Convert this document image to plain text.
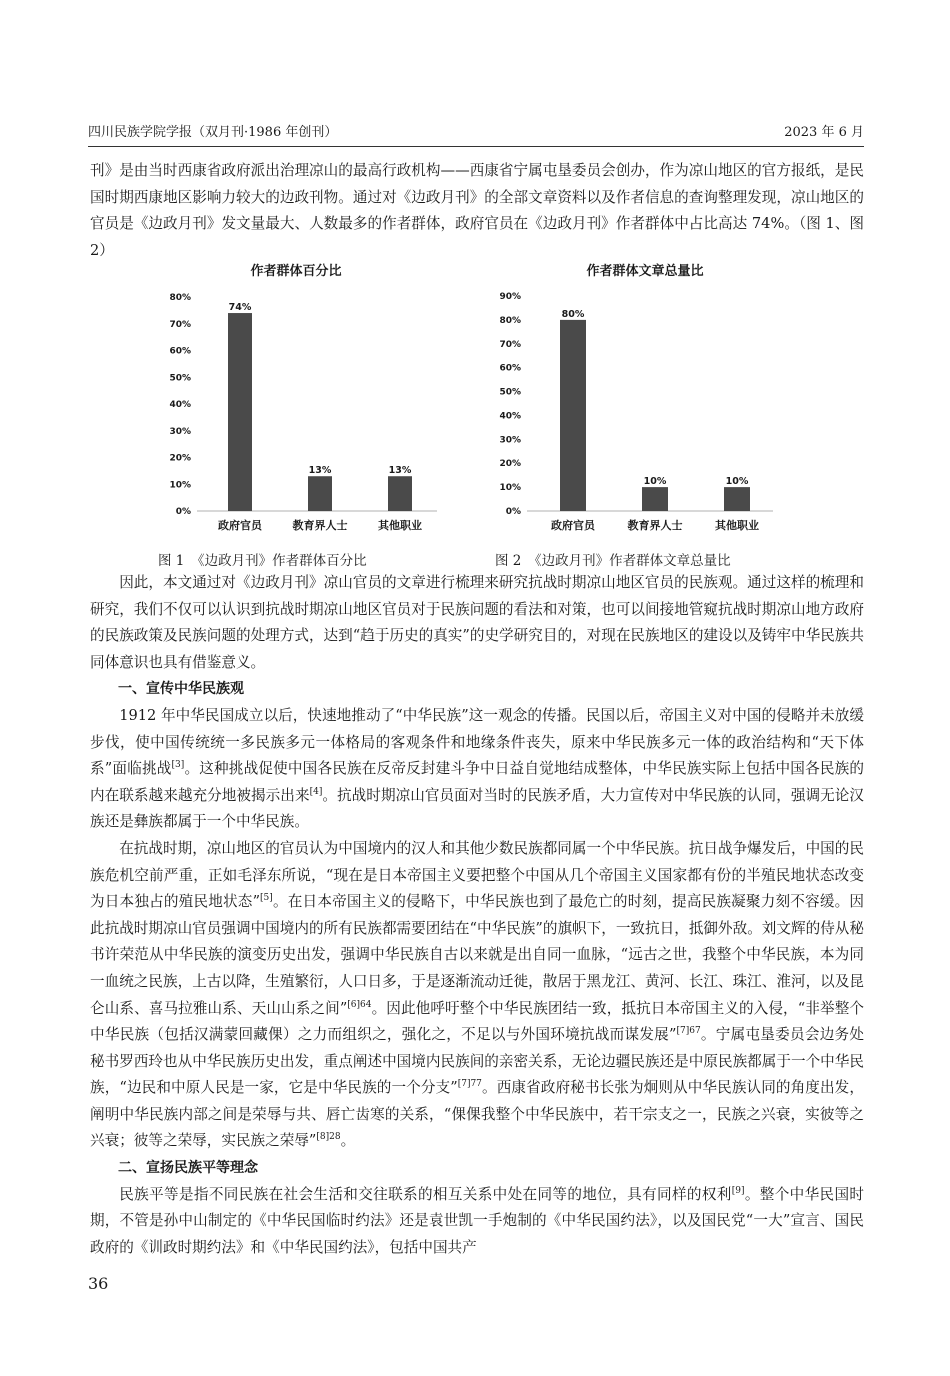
四川民族学院学报（双月刊·1986 年创刊）	2023 年 6 月

刊》是由当时西康省政府派出治理凉山的最高行政机构——西康省宁属屯垦委员会创办，作为凉山地区的官方报纸，是民国时期西康地区影响力较大的边政刊物。通过对《边政月刊》的全部文章资料以及作者信息的查询整理发现，凉山地区的官员是《边政月刊》发文量最大、人数最多的作者群体，政府官员在《边政月刊》作者群体中占比高达 74%。（图 1、图 2）

作者群体百分比
0%
10%
20%
30%
40%
50%
60%
70%
80%
74%
政府官员
13%
教育界人士
13%
其他职业
作者群体文章总量比
0%
10%
20%
30%
40%
50%
60%
70%
80%
90%
80%
政府官员
10%
教育界人士
10%
其他职业
图 1　 《边政月刊》作者群体百分比	图 2　 《边政月刊》作者群体文章总量比

因此，本文通过对《边政月刊》凉山官员的文章进行梳理来研究抗战时期凉山地区官员的民族观。通过这样的梳理和研究，我们不仅可以认识到抗战时期凉山地区官员对于民族问题的看法和对策，也可以间接地管窥抗战时期凉山地方政府的民族政策及民族问题的处理方式，达到“趋于历史的真实”的史学研究目的，对现在民族地区的建设以及铸牢中华民族共同体意识也具有借鉴意义。

一、宣传中华民族观

1912 年中华民国成立以后，快速地推动了“中华民族”这一观念的传播。民国以后，帝国主义对中国的侵略并未放缓步伐，使中国传统统一多民族多元一体格局的客观条件和地缘条件丧失，原来中华民族多元一体的政治结构和“天下体系”面临挑战[3]。这种挑战促使中国各民族在反帝反封建斗争中日益自觉地结成整体，中华民族实际上包括中国各民族的内在联系越来越充分地被揭示出来[4]。抗战时期凉山官员面对当时的民族矛盾，大力宣传对中华民族的认同，强调无论汉族还是彝族都属于一个中华民族。

在抗战时期，凉山地区的官员认为中国境内的汉人和其他少数民族都同属一个中华民族。抗日战争爆发后，中国的民族危机空前严重，正如毛泽东所说，“现在是日本帝国主义要把整个中国从几个帝国主义国家都有份的半殖民地状态改变为日本独占的殖民地状态”[5]。在日本帝国主义的侵略下，中华民族也到了最危亡的时刻，提高民族凝聚力刻不容缓。因此抗战时期凉山官员强调中国境内的所有民族都需要团结在“中华民族”的旗帜下，一致抗日，抵御外敌。刘文辉的侍从秘书许荣范从中华民族的演变历史出发，强调中华民族自古以来就是出自同一血脉，“远古之世，我整个中华民族，本为同一血统之民族，上古以降，生殖繁衍，人口日多，于是逐渐流动迁徙，散居于黑龙江、黄河、长江、珠江、淮河，以及昆仑山系、喜马拉雅山系、天山山系之间”$^{[6]64}$。因此他呼吁整个中华民族团结一致，抵抗日本帝国主义的入侵，“非举整个中华民族（包括汉满蒙回藏倮）之力而组织之，强化之，不足以与外国环境抗战而谋发展”$^{[7]67}$。宁属屯垦委员会边务处秘书罗西玲也从中华民族历史出发，重点阐述中国境内民族间的亲密关系，无论边疆民族还是中原民族都属于一个中华民族，“边民和中原人民是一家，它是中华民族的一个分支”$^{[7]77}$。西康省政府秘书长张为炯则从中华民族认同的角度出发，阐明中华民族内部之间是荣辱与共、唇亡齿寒的关系，“倮倮我整个中华民族中，若干宗支之一，民族之兴衰，实彼等之兴衰；彼等之荣辱，实民族之荣辱”$^{[8]28}$。

二、宣扬民族平等理念

民族平等是指不同民族在社会生活和交往联系的相互关系中处在同等的地位，具有同样的权利[9]。整个中华民国时期，不管是孙中山制定的《中华民国临时约法》还是袁世凯一手炮制的《中华民国约法》，以及国民党“一大”宣言、国民政府的《训政时期约法》和《中华民国约法》，包括中国共产

36
